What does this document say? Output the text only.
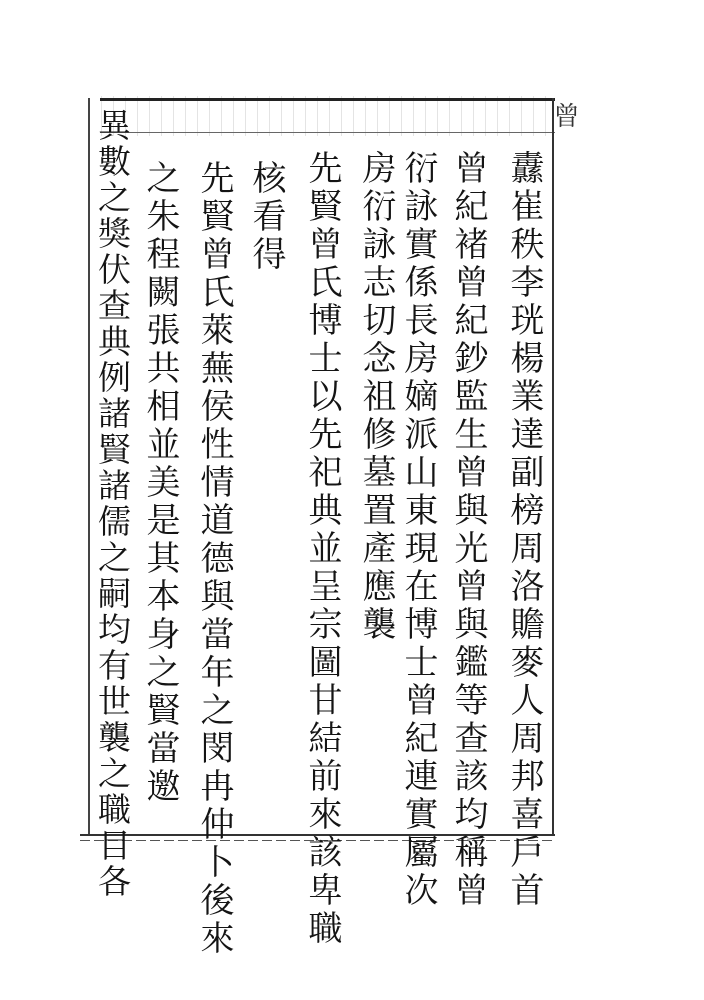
曾
纛崔秩李珖楊業達副榜周洛贍麥人周邦喜戶首
曾紀褚曾紀鈔監生曾與光曾與鑑等查該均稱曾
衍詠實係長房嫡派山東現在博士曾紀連實屬次
房衍詠志切念祖修墓置產應襲
先賢曾氏博士以先祀典並呈宗圖甘結前來該卑職
核看得
先賢曾氏萊蕪侯性情道德與當年之閔冉仲卜後來
之朱程闕張共相並美是其本身之賢當邀
異數之獎伏查典例諸賢諸儒之嗣均有世襲之職目各
